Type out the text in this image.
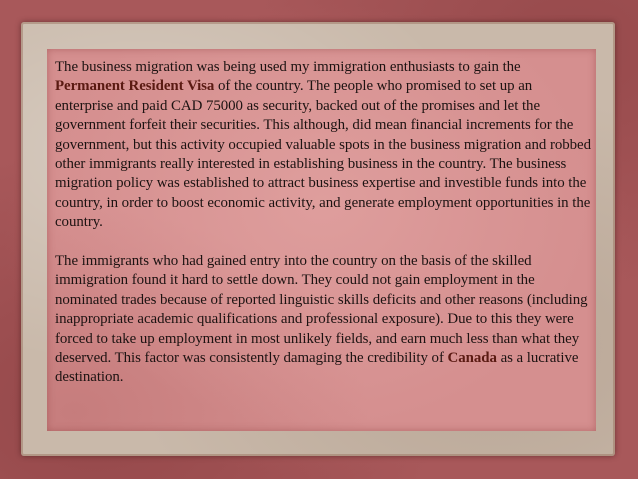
The business migration was being used my immigration enthusiasts to gain the Permanent Resident Visa of the country. The people who promised to set up an enterprise and paid CAD 75000 as security, backed out of the promises and let the government forfeit their securities. This although, did mean financial increments for the government, but this activity occupied valuable spots in the business migration and robbed other immigrants really interested in establishing business in the country. The business migration policy was established to attract business expertise and investible funds into the country, in order to boost economic activity, and generate employment opportunities in the country.

The immigrants who had gained entry into the country on the basis of the skilled immigration found it hard to settle down. They could not gain employment in the nominated trades because of reported linguistic skills deficits and other reasons (including inappropriate academic qualifications and professional exposure). Due to this they were forced to take up employment in most unlikely fields, and earn much less than what they deserved. This factor was consistently damaging the credibility of Canada as a lucrative destination.
